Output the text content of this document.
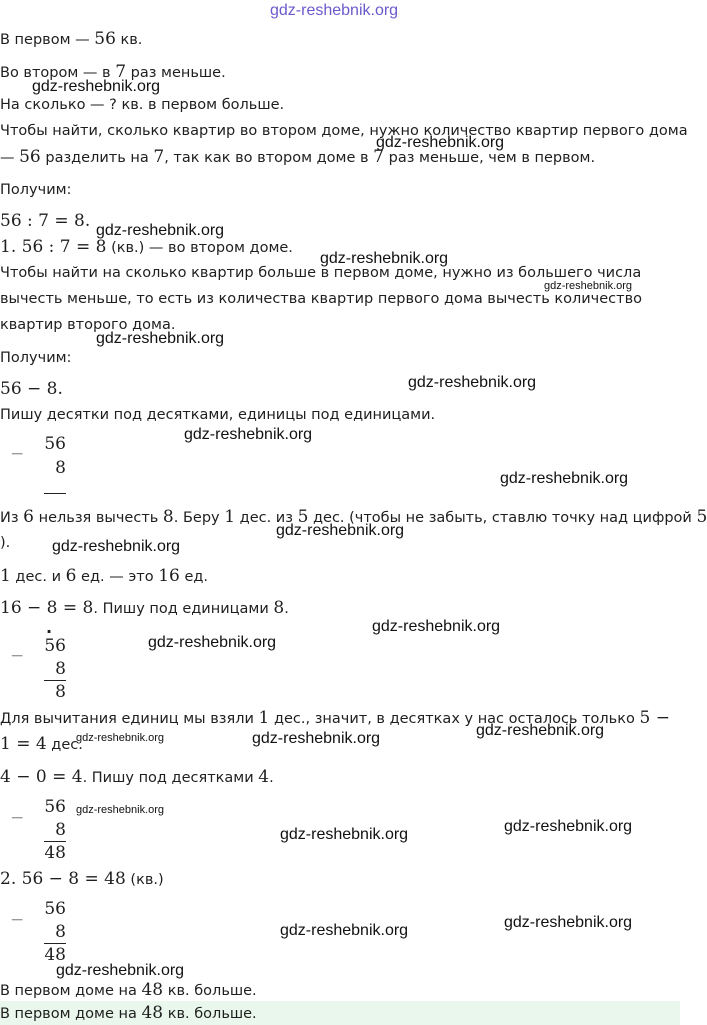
gdz-reshebnik.org
gdz-reshebnik.org
gdz-reshebnik.org
gdz-reshebnik.org
gdz-reshebnik.org
gdz-reshebnik.org
gdz-reshebnik.org
gdz-reshebnik.org
gdz-reshebnik.org
gdz-reshebnik.org
gdz-reshebnik.org
gdz-reshebnik.org
gdz-reshebnik.org
gdz-reshebnik.org
gdz-reshebnik.org	gdz-reshebnik.org	gdz-reshebnik.org
gdz-reshebnik.org
gdz-reshebnik.org
gdz-reshebnik.org
gdz-reshebnik.org
gdz-reshebnik.org
gdz-reshebnik.org
В первом — 56 кв.
Во втором — в 7 раз меньше.
На сколько — ? кв. в первом больше.
Чтобы найти, сколько квартир во втором доме, нужно количество квартир первого дома
— 56 разделить на 7, так как во втором доме в 7 раз меньше, чем в первом.
Получим:
56 : 7 = 8.
1. 56 : 7 = 8 (кв.) — во втором доме.
Чтобы найти на сколько квартир больше в первом доме, нужно из большего числа
вычесть меньше, то есть из количества квартир первого дома вычесть количество
квартир второго дома.
Получим:
56 − 8.
Пишу десятки под десятками, единицы под единицами.
−	56
8
Из 6 нельзя вычесть 8. Беру 1 дес. из 5 дес. (чтобы не забыть, ставлю точку над цифрой 5
).
1 дес. и 6 ед. — это 16 ед.
16 − 8 = 8. Пишу под единицами 8.
.
−	56
8
8
Для вычитания единиц мы взяли 1 дес., значит, в десятках у нас осталось только 5 −
1 = 4 дес.
4 − 0 = 4. Пишу под десятками 4.
−
56
8
48
2. 56 − 8 = 48 (кв.)
−
56
8
48
В первом доме на 48 кв. больше.
В первом доме на 48 кв. больше.
